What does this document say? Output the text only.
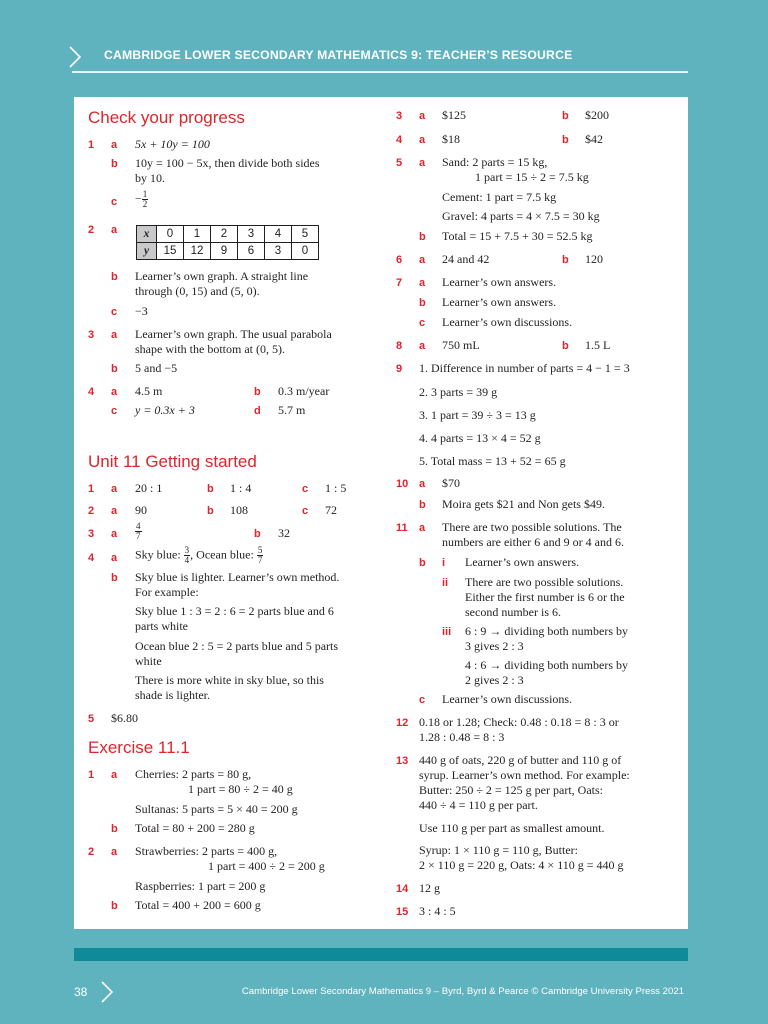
CAMBRIDGE LOWER SECONDARY MATHEMATICS 9: TEACHER’S RESOURCE
Check your progress
1 a 5x + 10y = 100
b 10y = 100 − 5x, then divide both sides
by 10.
$c - \frac{1}{2}$
2 a x	0	1	2	3	4	5
y	15	12	9	6	3	0
b Learner’s own graph. A straight line
through (0, 15) and (5, 0).
c −3
3 a Learner’s own graph. The usual parabola
shape with the bottom at (0, 5).
b 5 and −5
4 a 4.5 m	b 0.3 m/year
c y = 0.3x + 3	d 5.7 m
Unit 11 Getting started
1 a 20 : 1	b 1 : 4	c 1 : 5
2 a 90	b 108	c 72
3 a $\frac{4}{7}$	b 32
4 a Sky blue: $\frac{3}{4}$ , Ocean blue: $\frac{5}{7}$
b Sky blue is lighter. Learner’s own method.
For example:
Sky blue 1 : 3 = 2 : 6 = 2 parts blue and 6
parts white
Ocean blue 2 : 5 = 2 parts blue and 5 parts
white
There is more white in sky blue, so this
shade is lighter.
5 $6.80
Exercise 11.1
1 a Cherries: 2 parts = 80 g,
1 part = 80 ÷ 2 = 40 g
Sultanas: 5 parts = 5 × 40 = 200 g
b Total = 80 + 200 = 280 g
2 a Strawberries: 2 parts = 400 g,
1 part = 400 ÷ 2 = 200 g
Raspberries: 1 part = 200 g
b Total = 400 + 200 = 600 g
3 a $125	b $200
4 a $18	b $42
5 a Sand: 2 parts = 15 kg,
1 part = 15 ÷ 2 = 7.5 kg
Cement: 1 part = 7.5 kg
Gravel: 4 parts = 4 × 7.5 = 30 kg
b Total = 15 + 7.5 + 30 = 52.5 kg
6 a 24 and 42	b 120
7 a Learner’s own answers.
b Learner’s own answers.
c Learner’s own discussions.
8 a 750 mL	b 1.5 L
9 1. Difference in number of parts = 4 − 1 = 3
2. 3 parts = 39 g
3. 1 part = 39 ÷ 3 = 13 g
4. 4 parts = 13 × 4 = 52 g
5. Total mass = 13 + 52 = 65 g
10 a $70
b Moira gets $21 and Non gets $49.
11 a There are two possible solutions. The
numbers are either 6 and 9 or 4 and 6.
b i Learner’s own answers.
ii There are two possible solutions.
Either the first number is 6 or the
second number is 6.
iii 6 : 9 → dividing both numbers by
3 gives 2 : 3
4 : 6 → dividing both numbers by
2 gives 2 : 3
c Learner’s own discussions.
12 0.18 or 1.28; Check: 0.48 : 0.18 = 8 : 3 or
1.28 : 0.48 = 8 : 3
13 440 g of oats, 220 g of butter and 110 g of
syrup. Learner’s own method. For example:
Butter: 250 ÷ 2 = 125 g per part, Oats:
440 ÷ 4 = 110 g per part.
Use 110 g per part as smallest amount.
Syrup: 1 × 110 g = 110 g, Butter:
2 × 110 g = 220 g, Oats: 4 × 110 g = 440 g
14 12 g
15 3 : 4 : 5
38	Cambridge Lower Secondary Mathematics 9 – Byrd, Byrd & Pearce © Cambridge University Press 2021
